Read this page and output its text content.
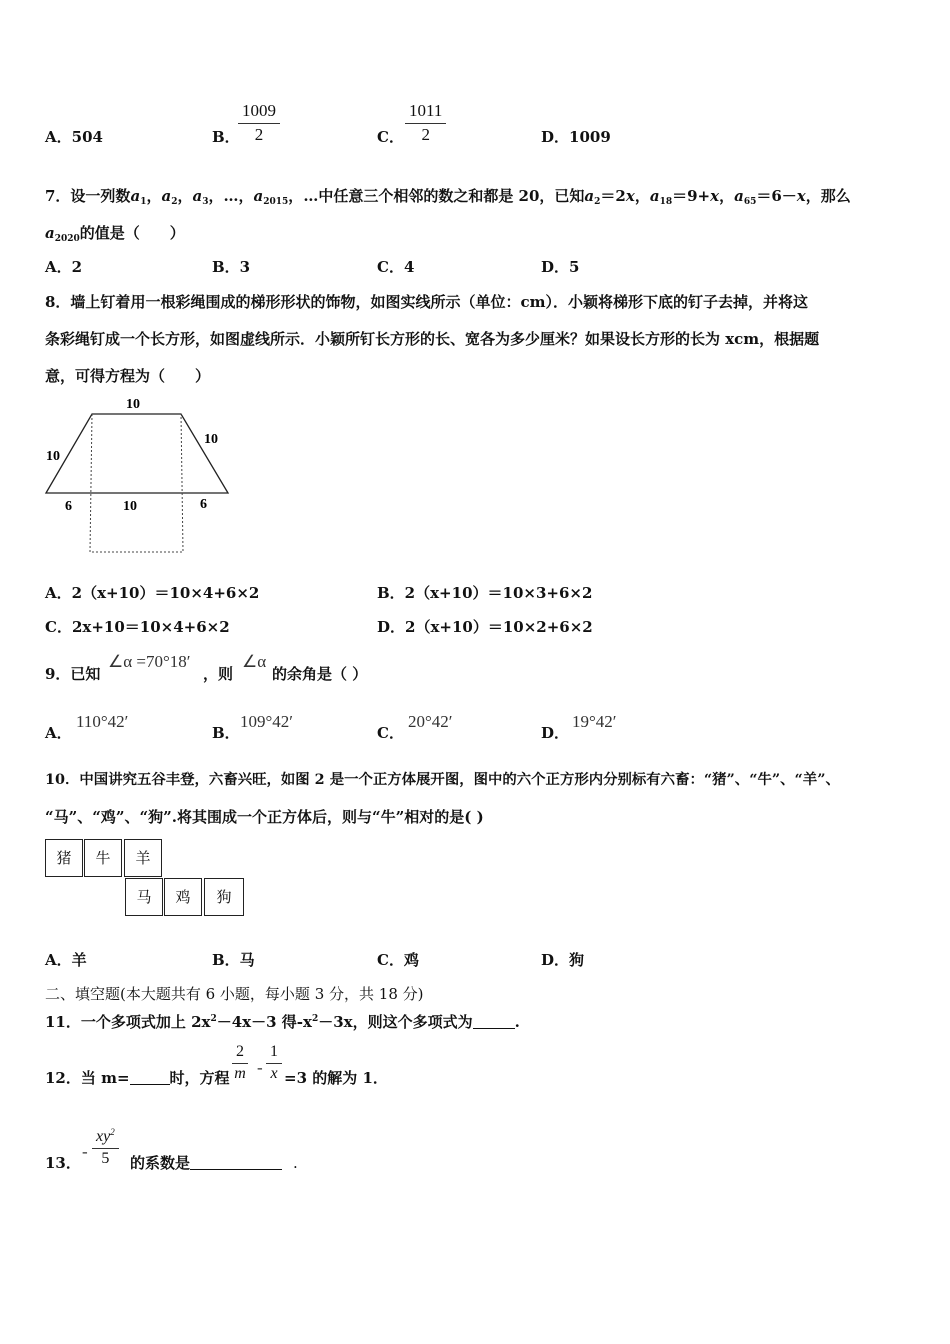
A．504	B．
$\frac{1009}{2}$	C． $\frac{1011}{2}$	D．1009
7．设一列数$a_1$，$a_2$，$a_3$，…，$a_{2015}$，…中任意三个相邻的数之和都是 20，已知$a_2=2x$，$a_{18}=9+x$，$a_{65}=6-x$，那么
$a_{2020}$的值是（　　）
A．2	B．3	C．4	D．5
8．墙上钉着用一根彩绳围成的梯形形状的饰物，如图实线所示（单位：cm）．小颖将梯形下底的钉子去掉，并将这
条彩绳钉成一个长方形，如图虚线所示．小颖所钉长方形的长、宽各为多少厘米？如果设长方形的长为 xcm，根据题
意，可得方程为（　　）
10
10
10
6	10	6
A．2（x+10）＝10×4+6×2	B．2（x+10）＝10×3+6×2
C．2x+10＝10×4+6×2	D．2（x+10）＝10×2+6×2
9．已知
∠α =70°18′
，则
∠α
的余角是（ ）
A．
110°42′
B．
109°42′
C．
20°42′
D．
19°42′
10．中国讲究五谷丰登，六畜兴旺，如图 2 是一个正方体展开图，图中的六个正方形内分别标有六畜：“猪”、“牛”、“羊”、
“马”、“鸡”、“狗”.将其围成一个正方体后，则与“牛”相对的是( )
猪	牛	羊
马	鸡	狗
A．羊	B．马	C．鸡	D．狗
二、填空题(本大题共有 6 小题，每小题 3 分，共 18 分)
11．一个多项式加上 $2x^2-4x-3$ 得$-x^2-3x$，则这个多项式为	.
12．当 m=	时，方程 $\frac{2}{m} - \frac{1}{x} =3$ 的解为 1．
13．
- $\frac{xy^2}{5}$ 的系数是	.
